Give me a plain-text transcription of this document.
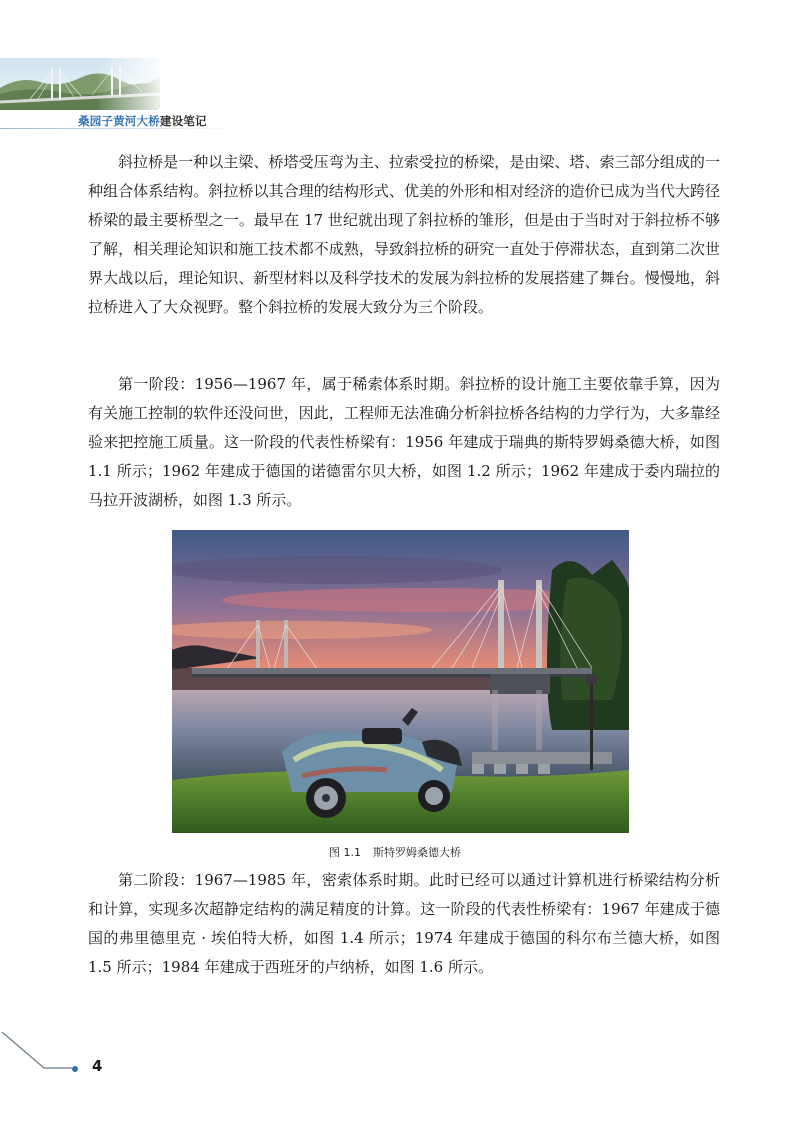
桑园子黄河大桥建设笔记

斜拉桥是一种以主梁、桥塔受压弯为主、拉索受拉的桥梁，是由梁、塔、索三部分组成的一种组合体系结构。斜拉桥以其合理的结构形式、优美的外形和相对经济的造价已成为当代大跨径桥梁的最主要桥型之一。最早在 17 世纪就出现了斜拉桥的雏形，但是由于当时对于斜拉桥不够了解，相关理论知识和施工技术都不成熟，导致斜拉桥的研究一直处于停滞状态，直到第二次世界大战以后，理论知识、新型材料以及科学技术的发展为斜拉桥的发展搭建了舞台。慢慢地，斜拉桥进入了大众视野。整个斜拉桥的发展大致分为三个阶段。

第一阶段：1956—1967 年，属于稀索体系时期。斜拉桥的设计施工主要依靠手算，因为有关施工控制的软件还没问世，因此，工程师无法准确分析斜拉桥各结构的力学行为，大多靠经验来把控施工质量。这一阶段的代表性桥梁有：1956 年建成于瑞典的斯特罗姆桑德大桥，如图 1.1 所示；1962 年建成于德国的诺德雷尔贝大桥，如图 1.2 所示；1962 年建成于委内瑞拉的马拉开波湖桥，如图 1.3 所示。

图 1.1 斯特罗姆桑德大桥

第二阶段：1967—1985 年，密索体系时期。此时已经可以通过计算机进行桥梁结构分析和计算，实现多次超静定结构的满足精度的计算。这一阶段的代表性桥梁有：1967 年建成于德国的弗里德里克 · 埃伯特大桥，如图 1.4 所示；1974 年建成于德国的科尔布兰德大桥，如图 1.5 所示；1984 年建成于西班牙的卢纳桥，如图 1.6 所示。

4
